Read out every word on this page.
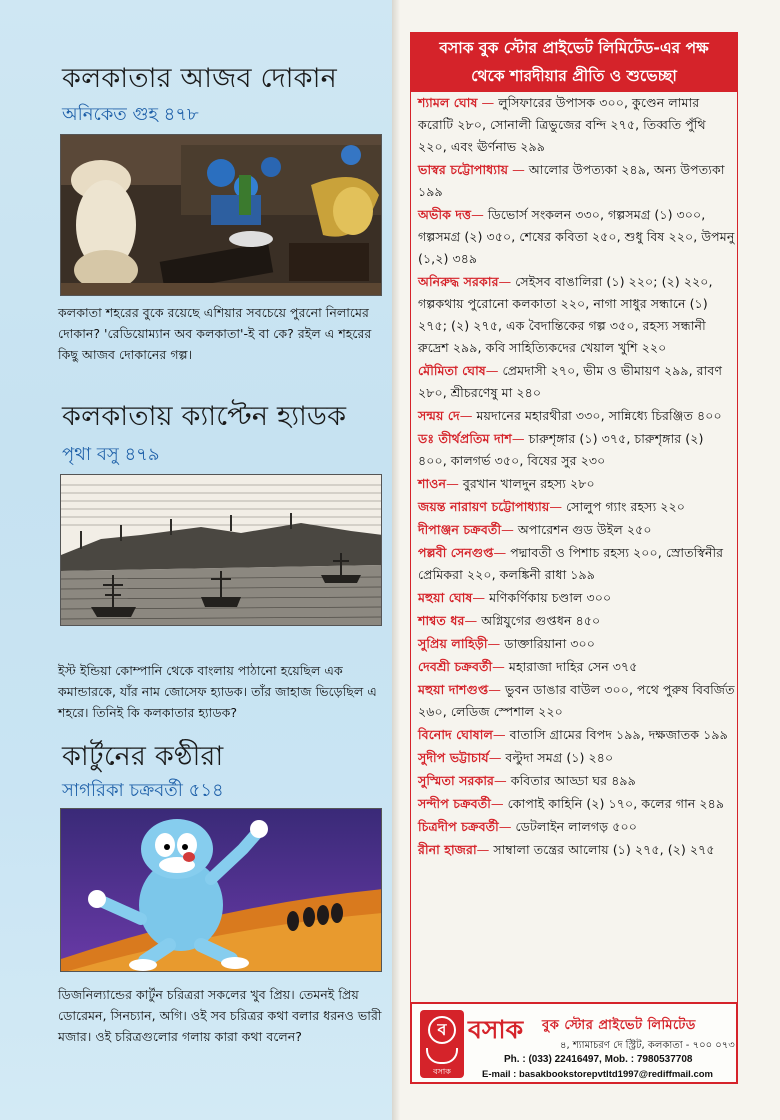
কলকাতার আজব দোকান
অনিকেত গুহ ৪৭৮
কলকাতা শহরের বুকে রয়েছে এশিয়ার সবচেয়ে পুরনো নিলামের দোকান? 'রেডিয়োম্যান অব কলকাতা'-ই বা কে? রইল এ শহরের কিছু আজব দোকানের গল্প।
কলকাতায় ক্যাপ্টেন হ্যাডক
পৃথা বসু ৪৭৯
ইস্ট ইন্ডিয়া কোম্পানি থেকে বাংলায় পাঠানো হয়েছিল এক কমান্ডারকে, যাঁর নাম জোসেফ হ্যাডক। তাঁর জাহাজ ভিড়েছিল এ শহরে। তিনিই কি কলকাতার হ্যাডক?
কার্টুনের কণ্ঠীরা
সাগরিকা চক্রবর্তী ৫১৪
ডিজনিল্যান্ডের কার্টুন চরিত্ররা সকলের খুব প্রিয়। তেমনই প্রিয় ডোরেমন, সিনচ্যান, অগি। ওই সব চরিত্রর কথা বলার ধরনও ভারী মজার। ওই চরিত্রগুলোর গলায় কারা কথা বলেন?
বসাক বুক স্টোর প্রাইভেট লিমিটেড-এর পক্ষ
থেকে শারদীয়ার প্রীতি ও শুভেচ্ছা
শ্যামল ঘোষ — লুসিফারের উপাসক ৩০০, কুণ্ডেন লামার করোটি ২৮০, সোনালী ত্রিভুজের বন্দি ২৭৫, তিব্বতি পুঁথি ২২০, এবং ঊর্ণনাভ ২৯৯
ভাস্বর চট্টোপাধ্যায় — আলোর উপত্যকা ২৪৯, অন্য উপত্যকা ১৯৯
অভীক দত্ত— ডিভোর্স সংকলন ৩৩০, গল্পসমগ্র (১) ৩০০, গল্পসমগ্র (২) ৩৫০, শেষের কবিতা ২৫০, শুধু বিষ ২২০, উপমনু (১,২) ৩৪৯
অনিরুদ্ধ সরকার— সেইসব বাঙালিরা (১) ২২০; (২) ২২০, গল্পকথায় পুরোনো কলকাতা ২২০, নাগা সাধুর সন্ধানে (১) ২৭৫; (২) ২৭৫, এক বৈদান্তিকের গল্প ৩৫০, রহস্য সন্ধানী রুদ্রেশ ২৯৯, কবি সাহিত্যিকদের খেয়াল খুশি ২২০
মৌমিতা ঘোষ— প্রেমদাসী ২৭০, ভীম ও ভীমায়ণ ২৯৯, রাবণ ২৮০, শ্রীচরণেষু মা ২৪০
সন্ময় দে— ময়দানের মহারথীরা ৩৩০, সান্নিধ্যে চিরঞ্জিত ৪০০
ডঃ তীর্থপ্রতিম দাশ— চারুশৃঙ্গার (১) ৩৭৫, চারুশৃঙ্গার (২) ৪০০, কালগর্ভ ৩৫০, বিষের সুর ২৩০
শাওন— বুরখান খালদুন রহস্য ২৮০
জয়ন্ত নারায়ণ চট্টোপাধ্যায়— সোলুপ গ্যাং রহস্য ২২০
দীপাঞ্জন চক্রবর্তী— অপারেশন গুড উইল ২৫০
পল্লবী সেনগুপ্ত— পদ্মাবতী ও পিশাচ রহস্য ২০০, স্রোতস্বিনীর প্রেমিকরা ২২০, কলঙ্কিনী রাধা ১৯৯
মহুয়া ঘোষ— মণিকর্ণিকায় চণ্ডাল ৩০০
শাশ্বত ধর— অগ্নিযুগের গুপ্তধন ৪৫০
সুপ্রিয় লাহিড়ী— ডাক্তারিয়ানা ৩০০
দেবশ্রী চক্রবর্তী— মহারাজা দাহির সেন ৩৭৫
মহুয়া দাশগুপ্ত— ভুবন ডাঙার বাউল ৩০০, পথে পুরুষ বিবর্জিত ২৬০, লেডিজ স্পেশাল ২২০
বিনোদ ঘোষাল— বাতাসি গ্রামের বিপদ ১৯৯, দক্ষজাতক ১৯৯
সুদীপ ভট্টাচার্য— বল্টুদা সমগ্র (১) ২৪০
সুস্মিতা সরকার— কবিতার আড্ডা ঘর ৪৯৯
সন্দীপ চক্রবর্তী— কোপাই কাহিনি (২) ১৭০, কলের গান ২৪৯
চিত্রদীপ চক্রবর্তী— ডেটলাইন লালগড় ৫০০
রীনা হাজরা— সাম্বালা তন্ত্রের আলোয় (১) ২৭৫, (২) ২৭৫
ব
বসাক
বসাক বুক স্টোর প্রাইভেট লিমিটেড
৪, শ্যামাচরণ দে স্ট্রিট, কলকাতা - ৭০০ ০৭৩
Ph. : (033) 22416497, Mob. : 7980537708
E-mail : basakbookstorepvtltd1997@rediffmail.com
